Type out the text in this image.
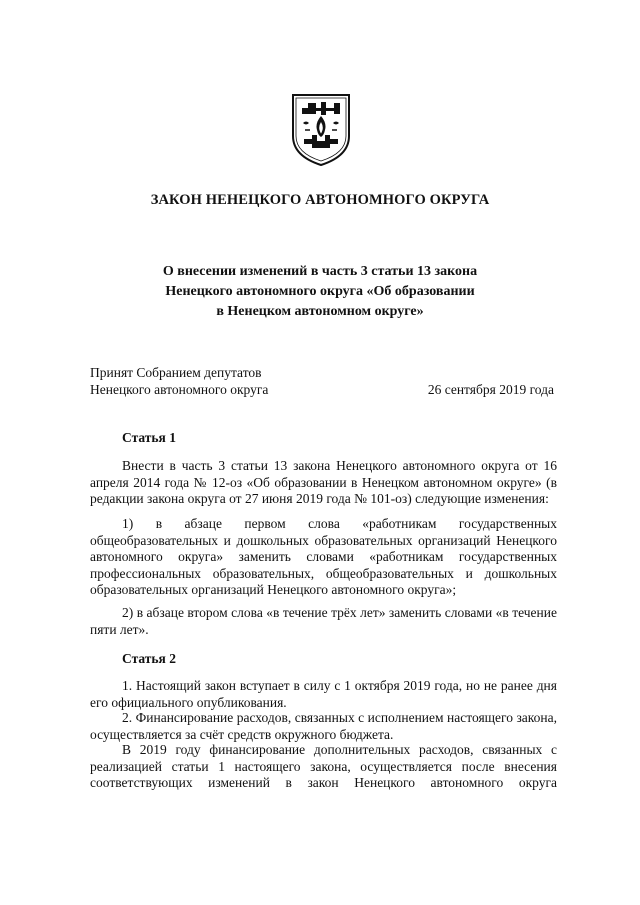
ЗАКОН НЕНЕЦКОГО АВТОНОМНОГО ОКРУГА
О внесении изменений в часть 3 статьи 13 закона
Ненецкого автономного округа «Об образовании
в Ненецком автономном округе»
Принят Собранием депутатов
Ненецкого автономного округа	26 сентября 2019 года
Статья 1
Внести в часть 3 статьи 13 закона Ненецкого автономного округа от 16 апреля 2014 года № 12-оз «Об образовании в Ненецком автономном округе» (в редакции закона округа от 27 июня 2019 года № 101-оз) следующие изменения:
1) в абзаце первом слова «работникам государственных общеобразовательных и дошкольных образовательных организаций Ненецкого автономного округа» заменить словами «работникам государственных профессиональных образовательных, общеобразовательных и дошкольных образовательных организаций Ненецкого автономного округа»;
2) в абзаце втором слова «в течение трёх лет» заменить словами «в течение пяти лет».
Статья 2
1. Настоящий закон вступает в силу с 1 октября 2019 года, но не ранее дня его официального опубликования.
2. Финансирование расходов, связанных с исполнением настоящего закона, осуществляется за счёт средств окружного бюджета.
В 2019 году финансирование дополнительных расходов, связанных с реализацией статьи 1 настоящего закона, осуществляется после внесения соответствующих изменений в закон Ненецкого автономного округа
